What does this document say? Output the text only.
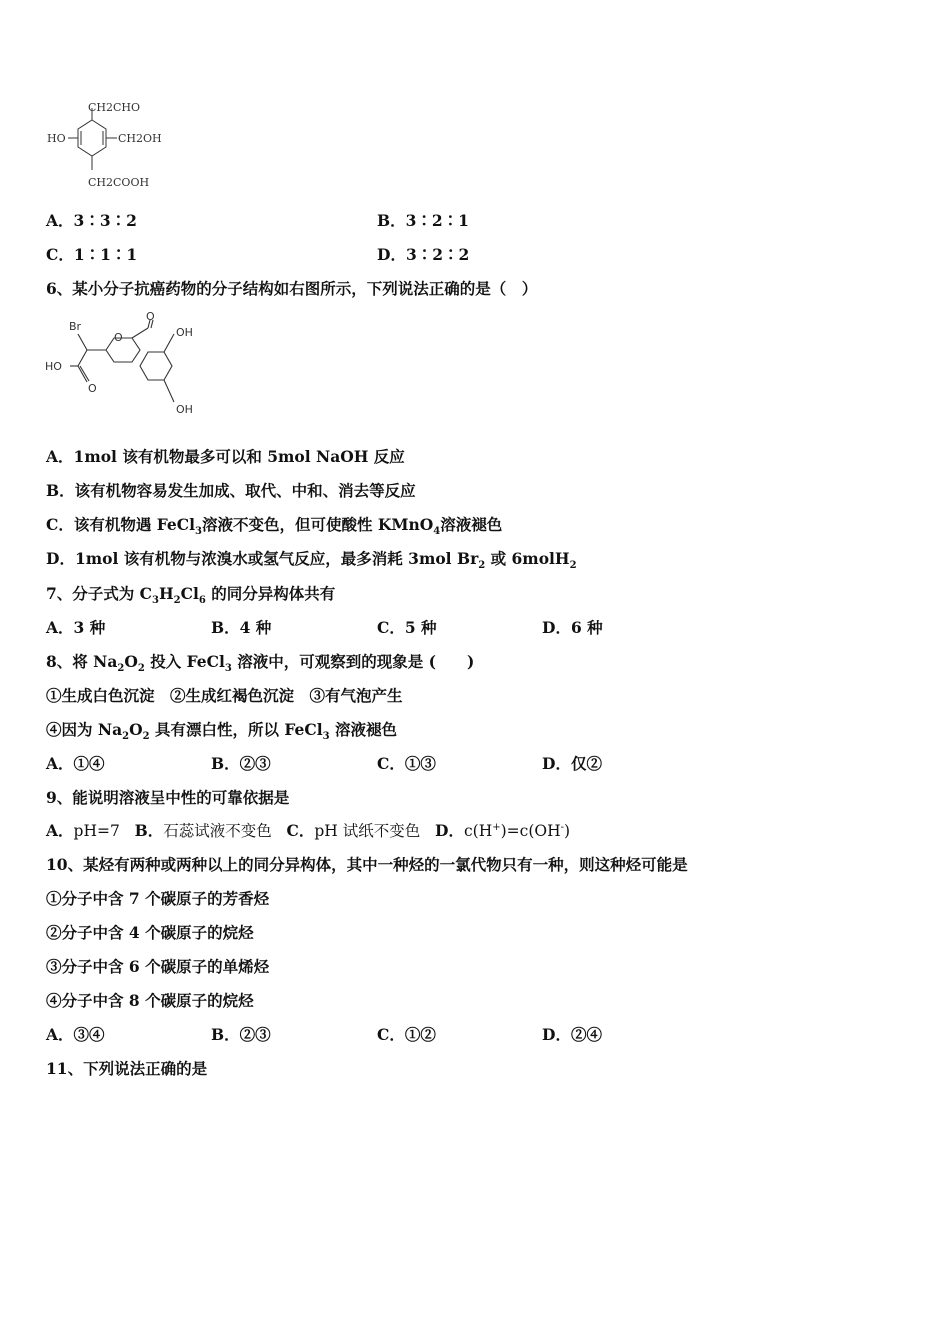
CH2CHO
HO	CH2OH
CH2COOH
A．3∶3∶2	B．3∶2∶1
C．1∶1∶1	D．3∶2∶2
6、某小分子抗癌药物的分子结构如右图所示，下列说法正确的是（　）
Br
HO
O
O
O
OH
OH
A．1mol 该有机物最多可以和 5mol NaOH 反应
B．该有机物容易发生加成、取代、中和、消去等反应
C．该有机物遇 FeCl$_3$溶液不变色，但可使酸性 KMnO$_4$溶液褪色
D．1mol 该有机物与浓溴水或氢气反应，最多消耗 3mol $Br_2$ 或 6molH$_2$
7、分子式为 $C_3H_2Cl_6$ 的同分异构体共有
A．3 种	B．4 种	C．5 种	D．6 种
8、将 $Na_2O_2$ 投入 FeCl$_3$ 溶液中，可观察到的现象是 (　　)
①生成白色沉淀　②生成红褐色沉淀　③有气泡产生
④因为 $Na_2O_2$ 具有漂白性，所以 FeCl$_3$ 溶液褪色
A．①④	B．②③	C．①③	D．仅②
9、能说明溶液呈中性的可靠依据是
A．pH=7 B．石蕊试液不变色 C．pH 试纸不变色 D．c(H+)=c(OH-)
10、某烃有两种或两种以上的同分异构体，其中一种烃的一氯代物只有一种，则这种烃可能是
①分子中含 7 个碳原子的芳香烃
②分子中含 4 个碳原子的烷烃
③分子中含 6 个碳原子的单烯烃
④分子中含 8 个碳原子的烷烃
A．③④	B．②③	C．①②	D．②④
11、下列说法正确的是
